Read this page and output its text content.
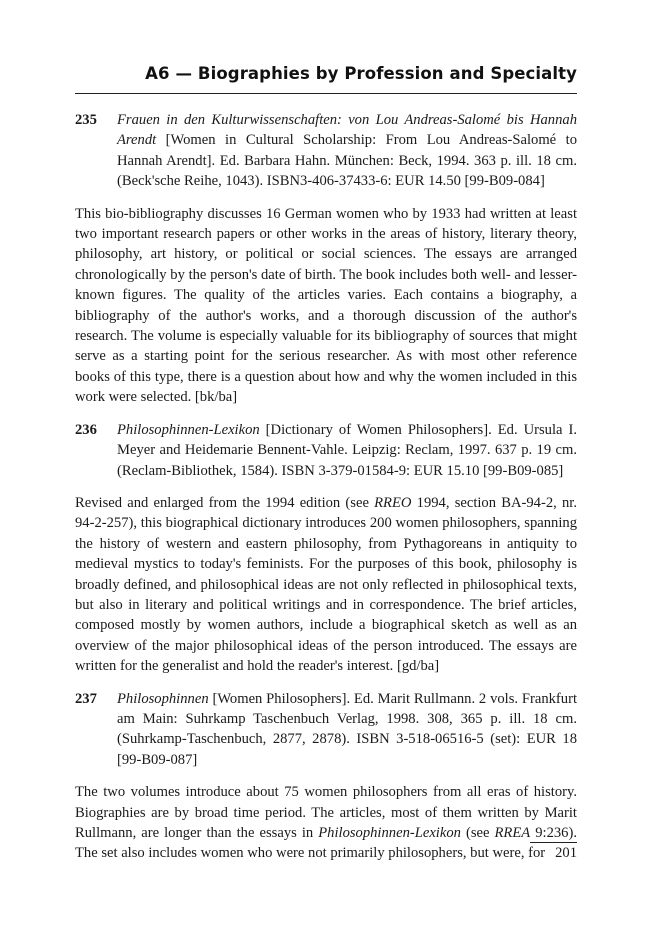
A6 — Biographies by Profession and Specialty
235	Frauen in den Kulturwissenschaften: von Lou Andreas-Salomé bis Hannah Arendt [Women in Cultural Scholarship: From Lou Andreas-Salomé to Hannah Arendt]. Ed. Barbara Hahn. München: Beck, 1994. 363 p. ill. 18 cm. (Beck'sche Reihe, 1043). ISBN3-406-37433-6: EUR 14.50 [99-B09-084]

This bio-bibliography discusses 16 German women who by 1933 had written at least two important research papers or other works in the areas of history, literary theory, philosophy, art history, or political or social sciences. The essays are arranged chronologically by the person's date of birth. The book includes both well- and lesser-known figures. The quality of the articles varies. Each contains a biography, a bibliography of the author's works, and a thorough discussion of the author's research. The volume is especially valuable for its bibliography of sources that might serve as a starting point for the serious researcher. As with most other reference books of this type, there is a question about how and why the women included in this work were selected. [bk/ba]

236	Philosophinnen-Lexikon [Dictionary of Women Philosophers]. Ed. Ursula I. Meyer and Heidemarie Bennent-Vahle. Leipzig: Reclam, 1997. 637 p. 19 cm. (Reclam-Bibliothek, 1584). ISBN 3-379-01584-9: EUR 15.10 [99-B09-085]

Revised and enlarged from the 1994 edition (see RREO 1994, section BA-94-2, nr. 94-2-257), this biographical dictionary introduces 200 women philosophers, spanning the history of western and eastern philosophy, from Pythagoreans in antiquity to medieval mystics to today's feminists. For the purposes of this book, philosophy is broadly defined, and philosophical ideas are not only reflected in philosophical texts, but also in literary and political writings and in correspondence. The brief articles, composed mostly by women authors, include a biographical sketch as well as an overview of the major philosophical ideas of the person introduced. The essays are written for the generalist and hold the reader's interest. [gd/ba]

237	Philosophinnen [Women Philosophers]. Ed. Marit Rullmann. 2 vols. Frankfurt am Main: Suhrkamp Taschenbuch Verlag, 1998. 308, 365 p. ill. 18 cm. (Suhrkamp-Taschenbuch, 2877, 2878). ISBN 3-518-06516-5 (set): EUR 18 [99-B09-087]

The two volumes introduce about 75 women philosophers from all eras of history. Biographies are by broad time period. The articles, most of them written by Marit Rullmann, are longer than the essays in Philosophinnen-Lexikon (see RREA 9:236). The set also includes women who were not primarily philosophers, but were, for 201
